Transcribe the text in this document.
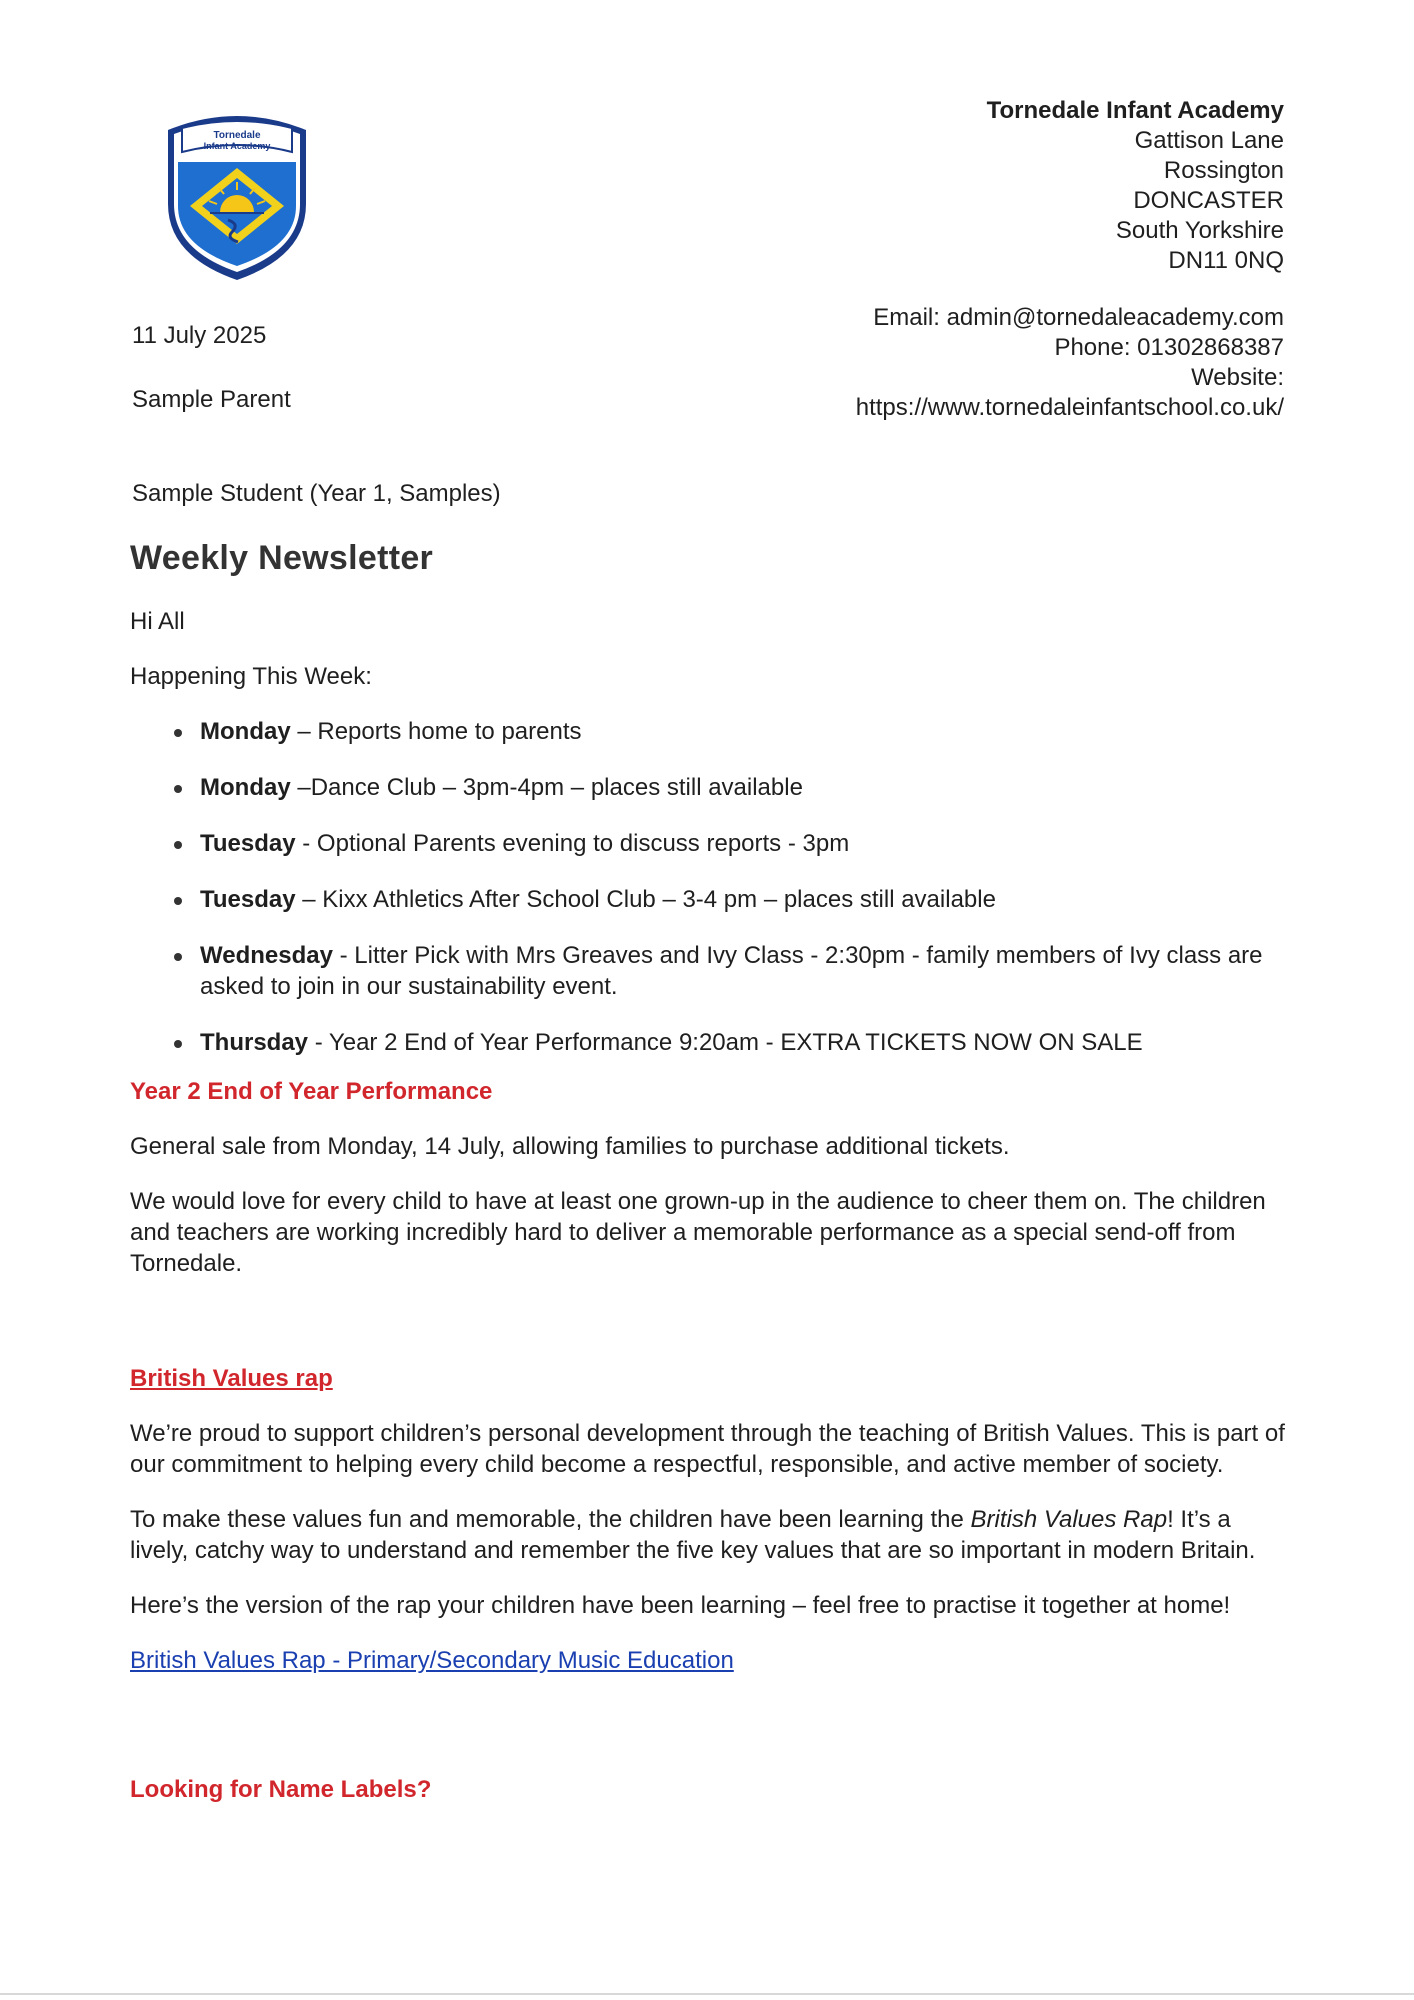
Tornedale
Infant Academy
Tornedale Infant Academy
Gattison Lane
Rossington
DONCASTER
South Yorkshire
DN11 0NQ
Email: admin@tornedaleacademy.com
Phone: 01302868387
Website:
https://www.tornedaleinfantschool.co.uk/
11 July 2025
Sample Parent
Sample Student (Year 1, Samples)
Weekly Newsletter

Hi All

Happening This Week:

Monday – Reports home to parents
Monday –Dance Club – 3pm-4pm – places still available
Tuesday - Optional Parents evening to discuss reports - 3pm
Tuesday – Kixx Athletics After School Club – 3-4 pm – places still available
Wednesday - Litter Pick with Mrs Greaves and Ivy Class - 2:30pm - family members of Ivy class are asked to join in our sustainability event.
Thursday - Year 2 End of Year Performance 9:20am - EXTRA TICKETS NOW ON SALE
Year 2 End of Year Performance

General sale from Monday, 14 July, allowing families to purchase additional tickets.

We would love for every child to have at least one grown-up in the audience to cheer them on. The children and teachers are working incredibly hard to deliver a memorable performance as a special send-off from Tornedale.

British Values rap

We’re proud to support children’s personal development through the teaching of British Values. This is part of our commitment to helping every child become a respectful, responsible, and active member of society.

To make these values fun and memorable, the children have been learning the British Values Rap! It’s a lively, catchy way to understand and remember the five key values that are so important in modern Britain.

Here’s the version of the rap your children have been learning – feel free to practise it together at home!

British Values Rap - Primary/Secondary Music Education

Looking for Name Labels?
